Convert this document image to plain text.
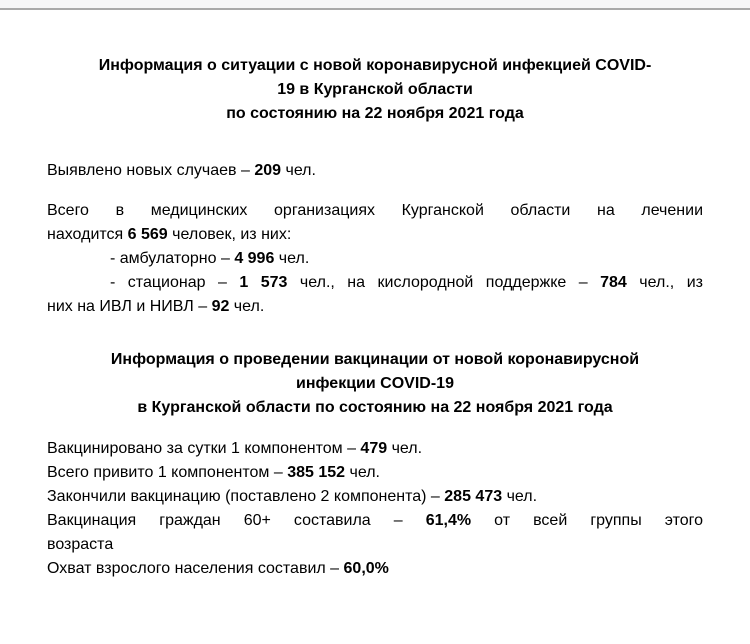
Информация о ситуации с новой коронавирусной инфекцией COVID-
19 в Курганской области
по состоянию на 22 ноября 2021 года
Выявлено новых случаев – 209 чел.
Всего в медицинских организациях Курганской области на лечении
находится 6 569 человек, из них:
- амбулаторно – 4 996 чел.
- стационар – 1 573 чел., на кислородной поддержке – 784 чел., из
них на ИВЛ и НИВЛ – 92 чел.
Информация о проведении вакцинации от новой коронавирусной
инфекции COVID-19
в Курганской области по состоянию на 22 ноября 2021 года
Вакцинировано за сутки 1 компонентом – 479 чел.
Всего привито 1 компонентом – 385 152 чел.
Закончили вакцинацию (поставлено 2 компонента) – 285 473 чел.
Вакцинация граждан 60+ составила – 61,4% от всей группы этого
возраста
Охват взрослого населения составил – 60,0%
